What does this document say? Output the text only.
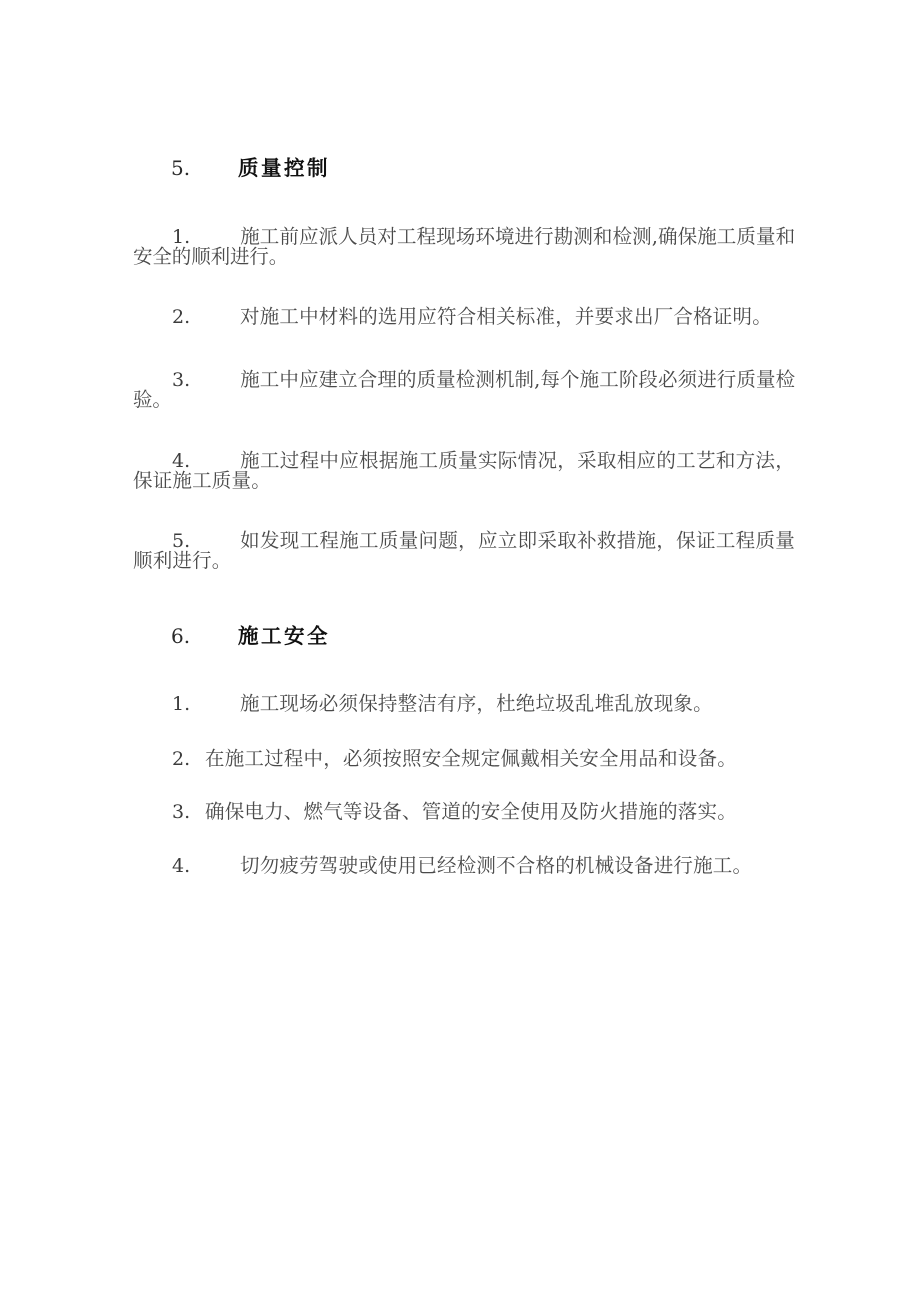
5.	质量控制

1.	施工前应派人员对工程现场环境进行勘测和检测,确保施工质量和安全的顺利进行。

2.	对施工中材料的选用应符合相关标准，并要求出厂合格证明。

3.	施工中应建立合理的质量检测机制,每个施工阶段必须进行质量检验。

4.	施工过程中应根据施工质量实际情况，采取相应的工艺和方法，保证施工质量。

5.	如发现工程施工质量问题，应立即采取补救措施，保证工程质量顺利进行。

6.	施工安全

1.	施工现场必须保持整洁有序，杜绝垃圾乱堆乱放现象。

2. 在施工过程中，必须按照安全规定佩戴相关安全用品和设备。

3. 确保电力、燃气等设备、管道的安全使用及防火措施的落实。

4.	切勿疲劳驾驶或使用已经检测不合格的机械设备进行施工。
